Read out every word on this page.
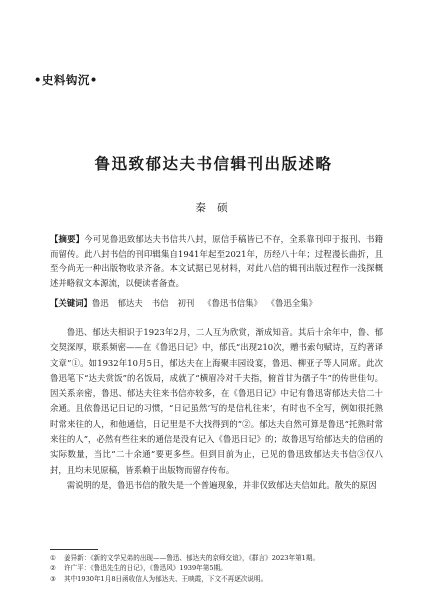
•史料钩沉•
鲁迅致郁达夫书信辑刊出版述略
秦 硕
【摘要】今可见鲁迅致郁达夫书信共八封，原信手稿皆已不存，全系靠刊印于报刊、书籍而留传。此八封书信的刊印辑集自1941年起至2021年，历经八十年；过程漫长曲折，且至今尚无一种出版物收录齐备。本文试据已见材料，对此八信的辑刊出版过程作一浅探概述并略叙文本源流，以便读者备查。
【关键词】鲁迅 郁达夫 书信 初刊 《鲁迅书信集》 《鲁迅全集》

鲁迅、郁达夫相识于1923年2月，二人互为欣赏，渐成知音。其后十余年中，鲁、郁交契深厚，联系频密——在《鲁迅日记》中，郁氏“出现210次，赠书索句赋诗，互约著译文章”①。如1932年10月5日，郁达夫在上海聚丰园设宴，鲁迅、柳亚子等人同席。此次鲁迅笔下“达夫赏饭”的名饭局，成就了“横眉冷对千夫指，俯首甘为孺子牛”的传世佳句。因关系亲密，鲁迅、郁达夫往来书信亦较多，在《鲁迅日记》中记有鲁迅寄郁达夫信二十余通。且依鲁迅记日记的习惯，“日记虽然‘写的是信札往来’，有时也不全写，例如很托熟时常来往的人，和他通信，日记里是不大找得到的”②。郁达夫自然可算是鲁迅“托熟时常来往的人”，必然有些往来的通信是没有记入《鲁迅日记》的；故鲁迅写给郁达夫的信函的实际数量，当比“二十余通”要更多些。但到目前为止，已见的鲁迅致郁达夫书信③仅八封，且均未见原稿，皆系赖于出版物而留存传布。

需说明的是，鲁迅书信的散失是一个普遍现象，并非仅致郁达夫信如此。散失的原因

①	姜异新：《新的文学兄弟的出现——鲁迅、郁达夫的京师交谊》，《群言》2023年第1期。
②	许广平：《鲁迅先生的日记》，《鲁迅风》1939年第5期。
③	其中1930年1月8日函收信人为郁达夫、王映霞，下文不再逐次说明。
